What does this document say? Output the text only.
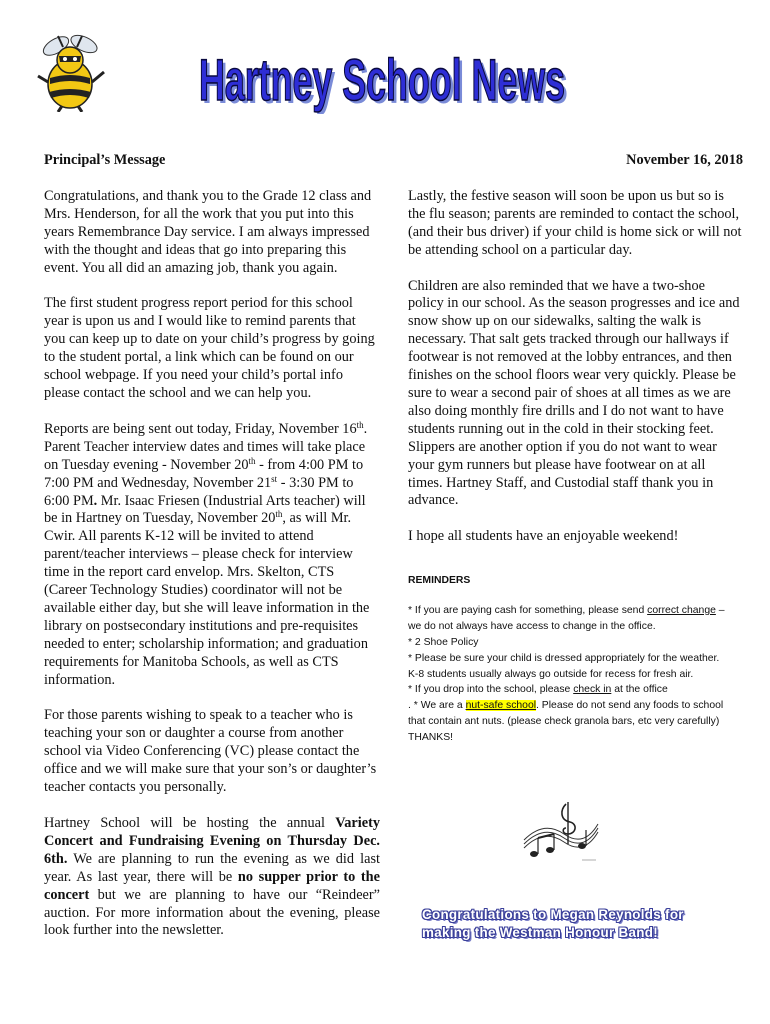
Hartney School News
Hartney School News

Principal’s Message

Congratulations, and thank you to the Grade 12 class and Mrs. Henderson, for all the work that you put into this years Remembrance Day service. I am always impressed with the thought and ideas that go into preparing this event. You all did an amazing job, thank you again.

The first student progress report period for this school year is upon us and I would like to remind parents that you can keep up to date on your child’s progress by going to the student portal, a link which can be found on our school webpage. If you need your child’s portal info please contact the school and we can help you.

Reports are being sent out today, Friday, November 16th. Parent Teacher interview dates and times will take place on Tuesday evening - November 20th - from 4:00 PM to 7:00 PM and Wednesday, November 21st - 3:30 PM to 6:00 PM. Mr. Isaac Friesen (Industrial Arts teacher) will be in Hartney on Tuesday, November 20th, as will Mr. Cwir. All parents K-12 will be invited to attend parent/teacher interviews – please check for interview time in the report card envelop. Mrs. Skelton, CTS (Career Technology Studies) coordinator will not be available either day, but she will leave information in the library on postsecondary institutions and pre-requisites needed to enter; scholarship information; and graduation requirements for Manitoba Schools, as well as CTS information.

For those parents wishing to speak to a teacher who is teaching your son or daughter a course from another school via Video Conferencing (VC) please contact the office and we will make sure that your son’s or daughter’s teacher contacts you personally.

Hartney School will be hosting the annual Variety Concert and Fundraising Evening on Thursday Dec. 6th. We are planning to run the evening as we did last year. As last year, there will be no supper prior to the concert but we are planning to have our “Reindeer” auction. For more information about the evening, please look further into the newsletter.

November 16, 2018

Lastly, the festive season will soon be upon us but so is the flu season; parents are reminded to contact the school, (and their bus driver) if your child is home sick or will not be attending school on a particular day.

Children are also reminded that we have a two-shoe policy in our school. As the season progresses and ice and snow show up on our sidewalks, salting the walk is necessary. That salt gets tracked through our hallways if footwear is not removed at the lobby entrances, and then finishes on the school floors wear very quickly. Please be sure to wear a second pair of shoes at all times as we are also doing monthly fire drills and I do not want to have students running out in the cold in their stocking feet. Slippers are another option if you do not want to wear your gym runners but please have footwear on at all times. Hartney Staff, and Custodial staff thank you in advance.

I hope all students have an enjoyable weekend!

REMINDERS

* If you are paying cash for something, please send correct change – we do not always have access to change in the office.

* 2 Shoe Policy

* Please be sure your child is dressed appropriately for the weather. K-8 students usually always go outside for recess for fresh air.

* If you drop into the school, please check in at the office

. * We are a nut-safe school. Please do not send any foods to school that contain ant nuts. (please check granola bars, etc very carefully) THANKS!

Congratulations to Megan Reynolds for

making the Westman Honour Band!
